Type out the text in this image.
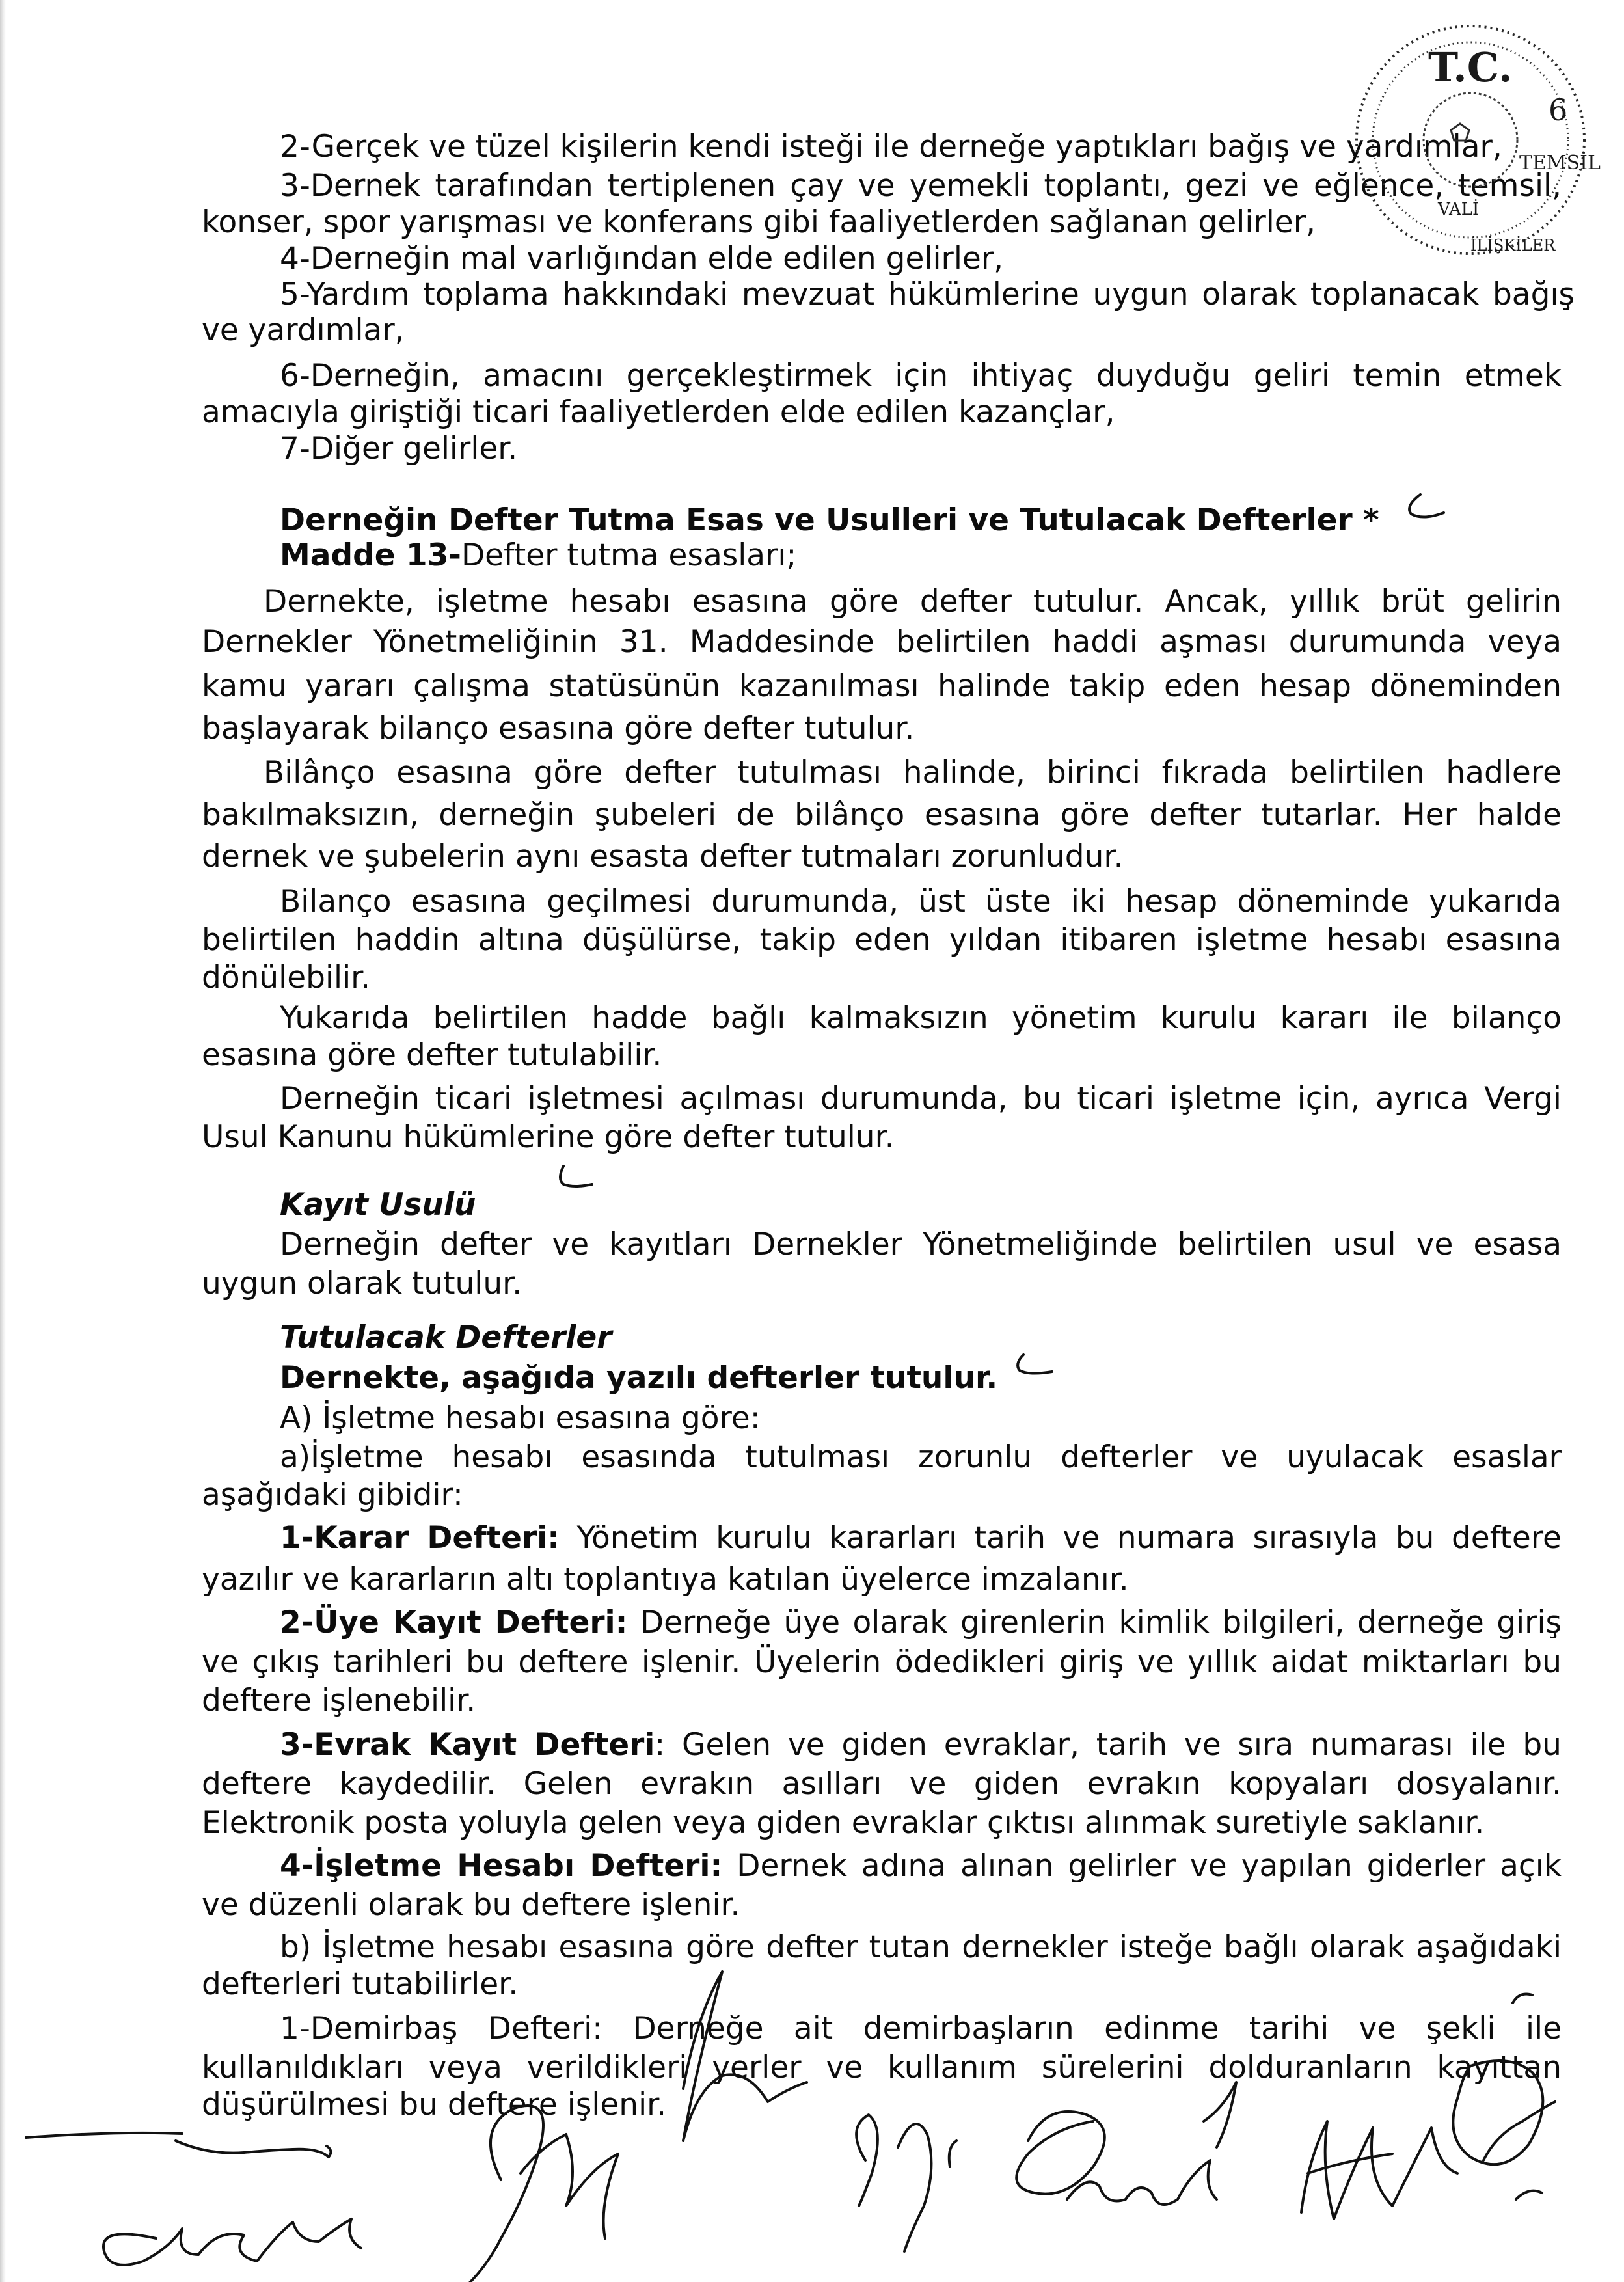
2-Gerçek ve tüzel kişilerin kendi isteği ile derneğe yaptıkları bağış ve yardımlar,

3-Dernek tarafından tertiplenen çay ve yemekli toplantı, gezi ve eğlence, temsil,

konser, spor yarışması ve konferans gibi faaliyetlerden sağlanan gelirler,

4-Derneğin mal varlığından elde edilen gelirler,

5-Yardım toplama hakkındaki mevzuat hükümlerine uygun olarak toplanacak bağış

ve yardımlar,

6-Derneğin, amacını gerçekleştirmek için ihtiyaç duyduğu geliri temin etmek

amacıyla giriştiği ticari faaliyetlerden elde edilen kazançlar,

7-Diğer gelirler.

Derneğin Defter Tutma Esas ve Usulleri ve Tutulacak Defterler *

Madde 13-Defter tutma esasları;

Dernekte, işletme hesabı esasına göre defter tutulur. Ancak, yıllık brüt gelirin

Dernekler Yönetmeliğinin 31. Maddesinde belirtilen haddi aşması durumunda veya

kamu yararı çalışma statüsünün kazanılması halinde takip eden hesap döneminden

başlayarak bilanço esasına göre defter tutulur.

Bilânço esasına göre defter tutulması halinde, birinci fıkrada belirtilen hadlere

bakılmaksızın, derneğin şubeleri de bilânço esasına göre defter tutarlar. Her halde

dernek ve şubelerin aynı esasta defter tutmaları zorunludur.

Bilanço esasına geçilmesi durumunda, üst üste iki hesap döneminde yukarıda

belirtilen haddin altına düşülürse, takip eden yıldan itibaren işletme hesabı esasına

dönülebilir.

Yukarıda belirtilen hadde bağlı kalmaksızın yönetim kurulu kararı ile bilanço

esasına göre defter tutulabilir.

Derneğin ticari işletmesi açılması durumunda, bu ticari işletme için, ayrıca Vergi

Usul Kanunu hükümlerine göre defter tutulur.

Kayıt Usulü

Derneğin defter ve kayıtları Dernekler Yönetmeliğinde belirtilen usul ve esasa

uygun olarak tutulur.

Tutulacak Defterler

Dernekte, aşağıda yazılı defterler tutulur.

A) İşletme hesabı esasına göre:

a)İşletme hesabı esasında tutulması zorunlu defterler ve uyulacak esaslar

aşağıdaki gibidir:

1-Karar Defteri: Yönetim kurulu kararları tarih ve numara sırasıyla bu deftere

yazılır ve kararların altı toplantıya katılan üyelerce imzalanır.

2-Üye Kayıt Defteri: Derneğe üye olarak girenlerin kimlik bilgileri, derneğe giriş

ve çıkış tarihleri bu deftere işlenir. Üyelerin ödedikleri giriş ve yıllık aidat miktarları bu

deftere işlenebilir.

3-Evrak Kayıt Defteri: Gelen ve giden evraklar, tarih ve sıra numarası ile bu

deftere kaydedilir. Gelen evrakın asılları ve giden evrakın kopyaları dosyalanır.

Elektronik posta yoluyla gelen veya giden evraklar çıktısı alınmak suretiyle saklanır.

4-İşletme Hesabı Defteri: Dernek adına alınan gelirler ve yapılan giderler açık

ve düzenli olarak bu deftere işlenir.

b) İşletme hesabı esasına göre defter tutan dernekler isteğe bağlı olarak aşağıdaki

defterleri tutabilirler.

1-Demirbaş Defteri: Derneğe ait demirbaşların edinme tarihi ve şekli ile

kullanıldıkları veya verildikleri yerler ve kullanım sürelerini dolduranların kayıttan

düşürülmesi bu deftere işlenir.

T.C.
6
TEMSİL
VALİ
İLİŞKİLER
